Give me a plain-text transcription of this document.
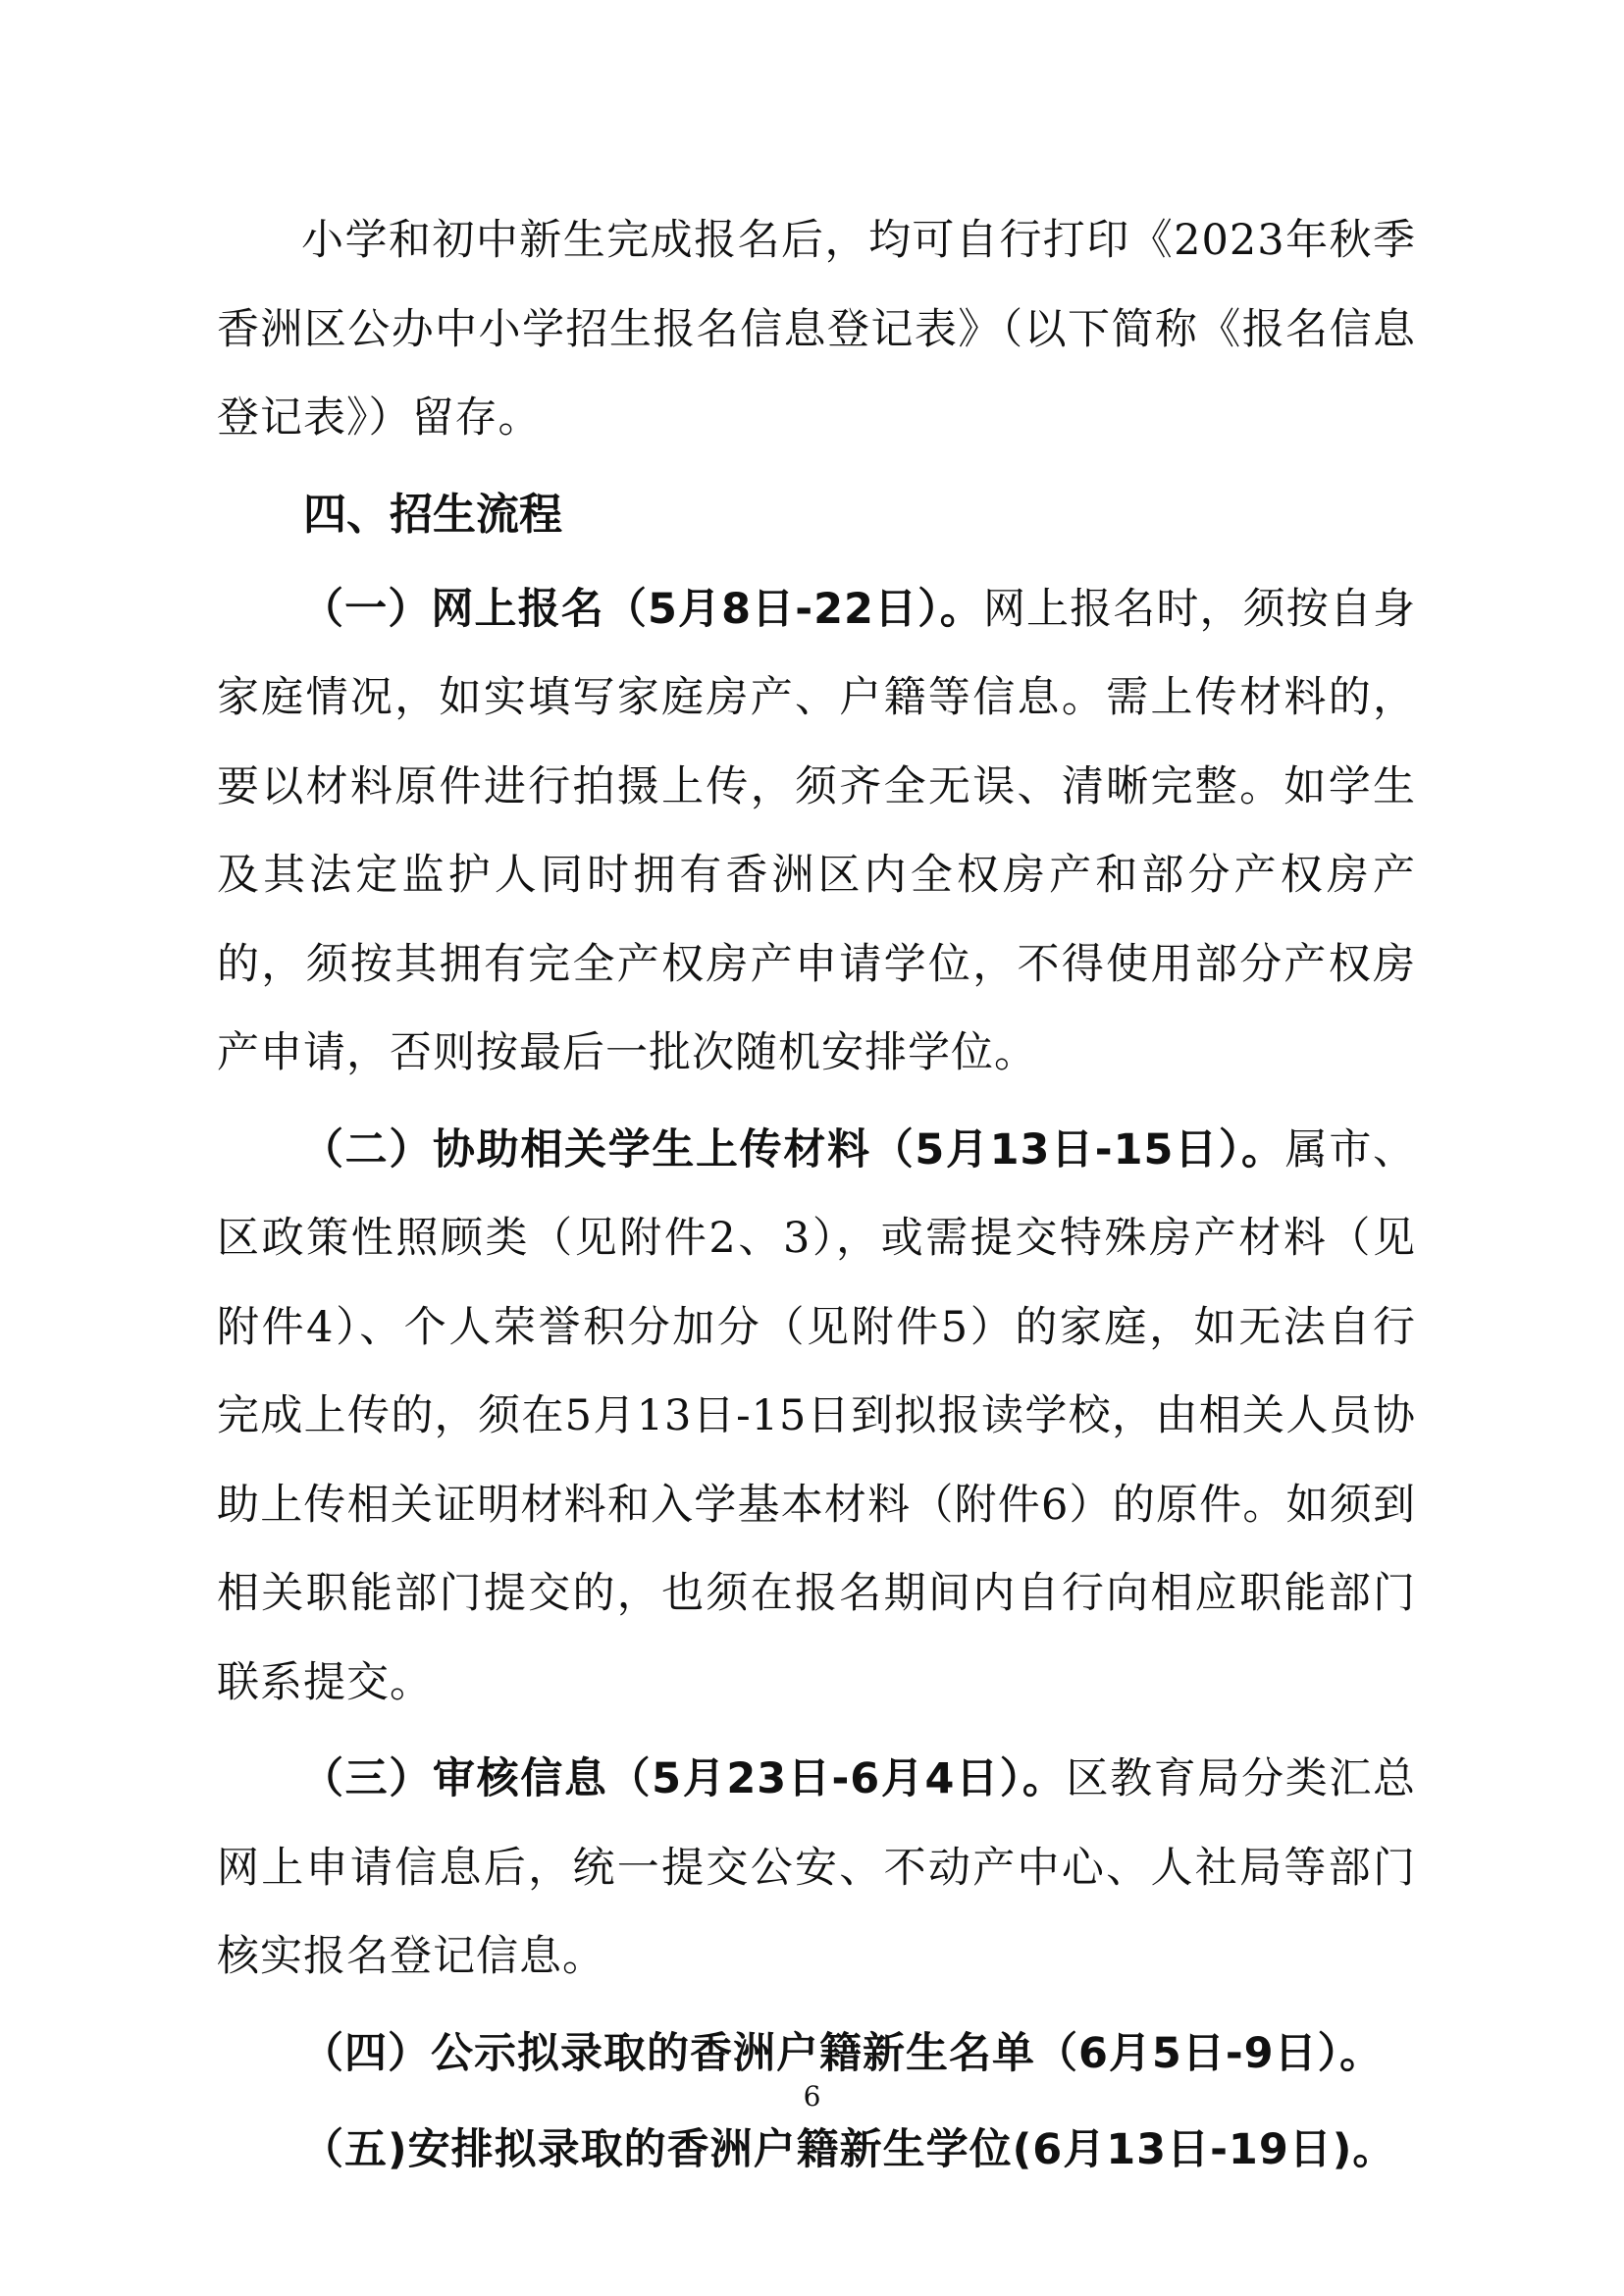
小学和初中新生完成报名后，均可自行打印《2023年秋季香洲区公办中小学招生报名信息登记表》（以下简称《报名信息登记表》）留存。

四、招生流程

（一）网上报名（5月8日-22日）。网上报名时，须按自身家庭情况，如实填写家庭房产、户籍等信息。需上传材料的，要以材料原件进行拍摄上传，须齐全无误、清晰完整。如学生及其法定监护人同时拥有香洲区内全权房产和部分产权房产的，须按其拥有完全产权房产申请学位，不得使用部分产权房产申请，否则按最后一批次随机安排学位。

（二）协助相关学生上传材料（5月13日-15日）。属市、区政策性照顾类（见附件2、3），或需提交特殊房产材料（见附件4）、个人荣誉积分加分（见附件5）的家庭，如无法自行完成上传的，须在5月13日-15日到拟报读学校，由相关人员协助上传相关证明材料和入学基本材料（附件6）的原件。如须到相关职能部门提交的，也须在报名期间内自行向相应职能部门联系提交。

（三）审核信息（5月23日-6月4日）。区教育局分类汇总网上申请信息后，统一提交公安、不动产中心、人社局等部门核实报名登记信息。

（四）公示拟录取的香洲户籍新生名单（6月5日-9日）。

（五)安排拟录取的香洲户籍新生学位(6月13日-19日)。

6
